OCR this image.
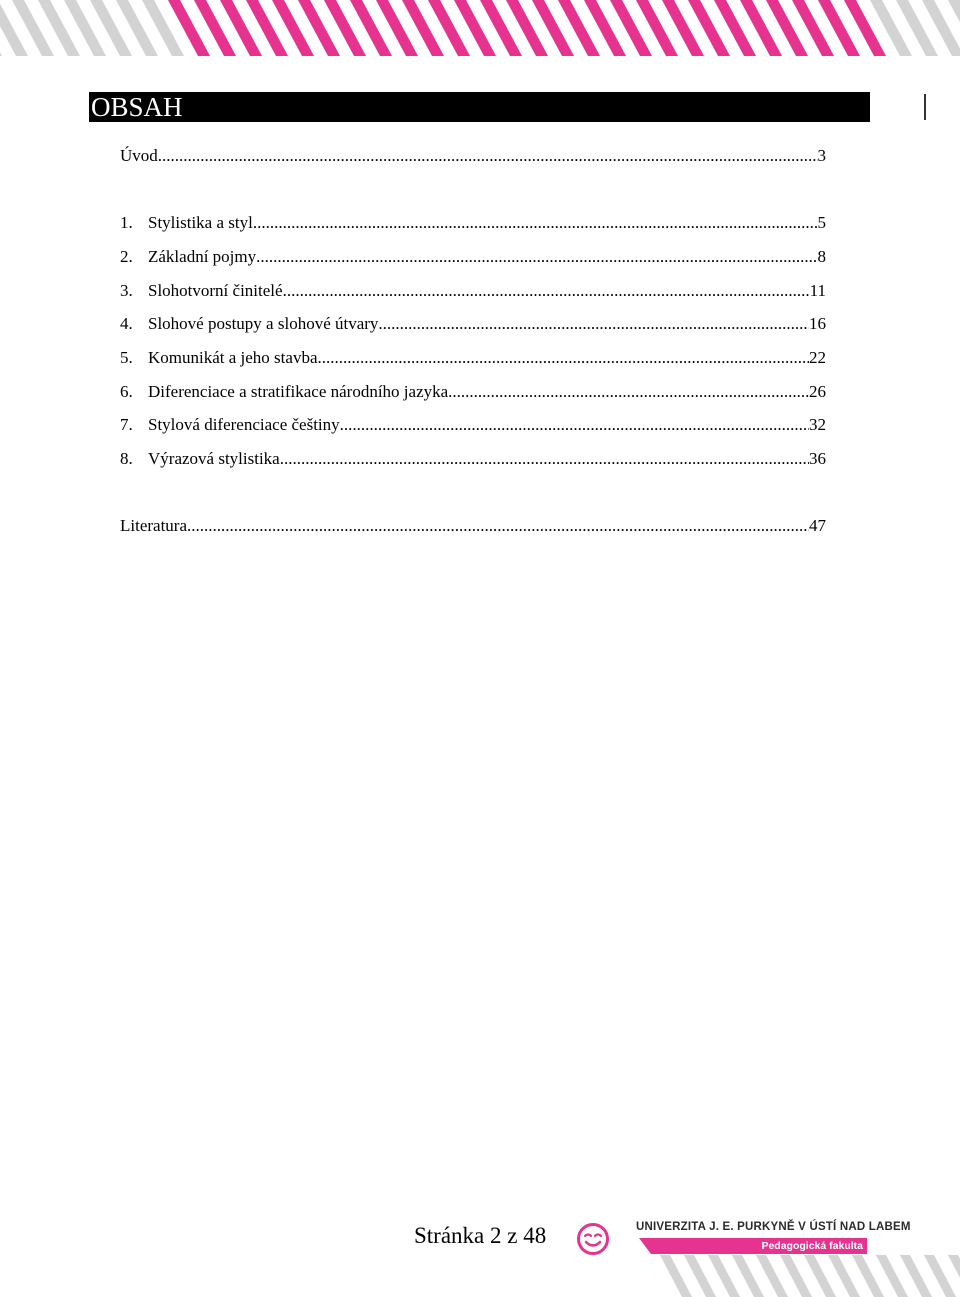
OBSAH
Úvod .....	3
1. Stylistika a styl .....	5
2. Základní pojmy .....	8
3. Slohotvorní činitelé .....	11
4. Slohové postupy a slohové útvary .....	16
5. Komunikát a jeho stavba .....	22
6. Diferenciace a stratifikace národního jazyka .....	26
7. Stylová diferenciace češtiny .....	32
8. Výrazová stylistika .....	36
Literatura .....	47
Stránka 2 z 48	UNIVERZITA J. E. PURKYNĚ V ÚSTÍ NAD LABEM
Pedagogická fakulta
